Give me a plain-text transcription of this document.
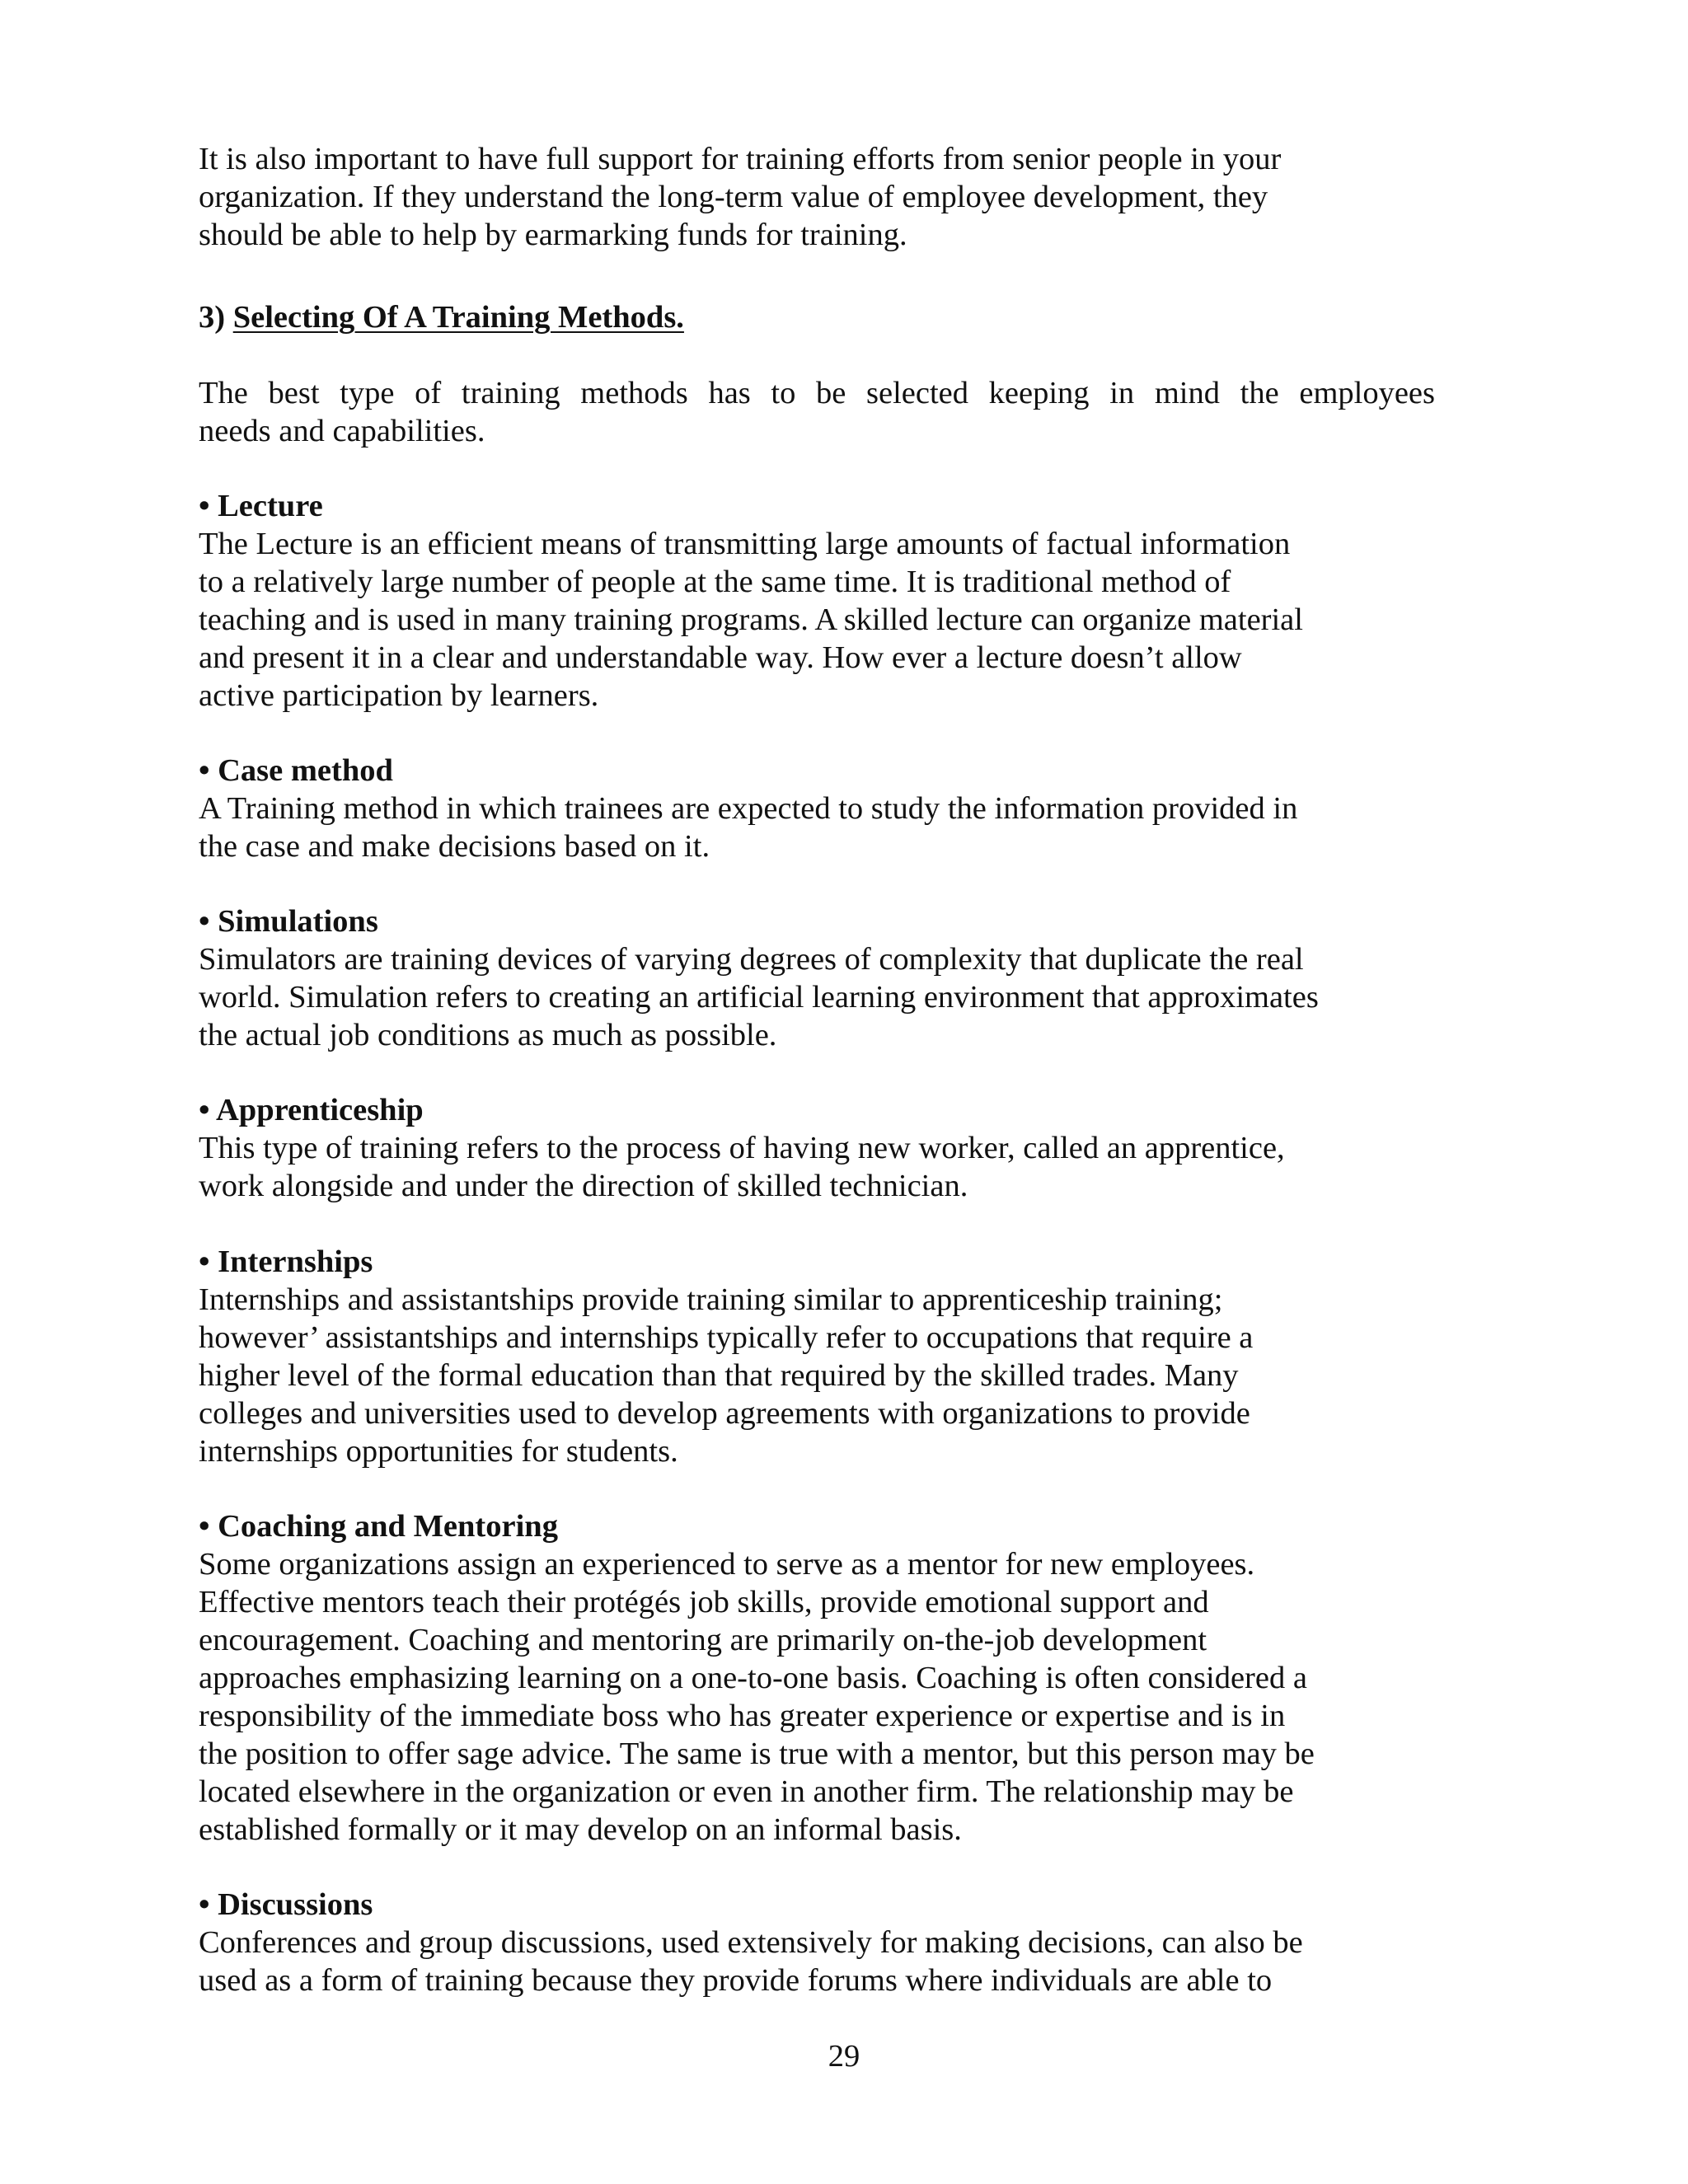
It is also important to have full support for training efforts from senior people in your
organization. If they understand the long-term value of employee development, they
should be able to help by earmarking funds for training.
3) Selecting Of A Training Methods.
The best type of training methods has to be selected keeping in mind the employees
needs and capabilities.
• Lecture
The Lecture is an efficient means of transmitting large amounts of factual information
to a relatively large number of people at the same time. It is traditional method of
teaching and is used in many training programs. A skilled lecture can organize material
and present it in a clear and understandable way. How ever a lecture doesn’t allow
active participation by learners.
• Case method
A Training method in which trainees are expected to study the information provided in
the case and make decisions based on it.
• Simulations
Simulators are training devices of varying degrees of complexity that duplicate the real
world. Simulation refers to creating an artificial learning environment that approximates
the actual job conditions as much as possible.
• Apprenticeship
This type of training refers to the process of having new worker, called an apprentice,
work alongside and under the direction of skilled technician.
• Internships
Internships and assistantships provide training similar to apprenticeship training;
however’ assistantships and internships typically refer to occupations that require a
higher level of the formal education than that required by the skilled trades. Many
colleges and universities used to develop agreements with organizations to provide
internships opportunities for students.
• Coaching and Mentoring
Some organizations assign an experienced to serve as a mentor for new employees.
Effective mentors teach their protégés job skills, provide emotional support and
encouragement. Coaching and mentoring are primarily on-the-job development
approaches emphasizing learning on a one-to-one basis. Coaching is often considered a
responsibility of the immediate boss who has greater experience or expertise and is in
the position to offer sage advice. The same is true with a mentor, but this person may be
located elsewhere in the organization or even in another firm. The relationship may be
established formally or it may develop on an informal basis.
• Discussions
Conferences and group discussions, used extensively for making decisions, can also be
used as a form of training because they provide forums where individuals are able to

29
